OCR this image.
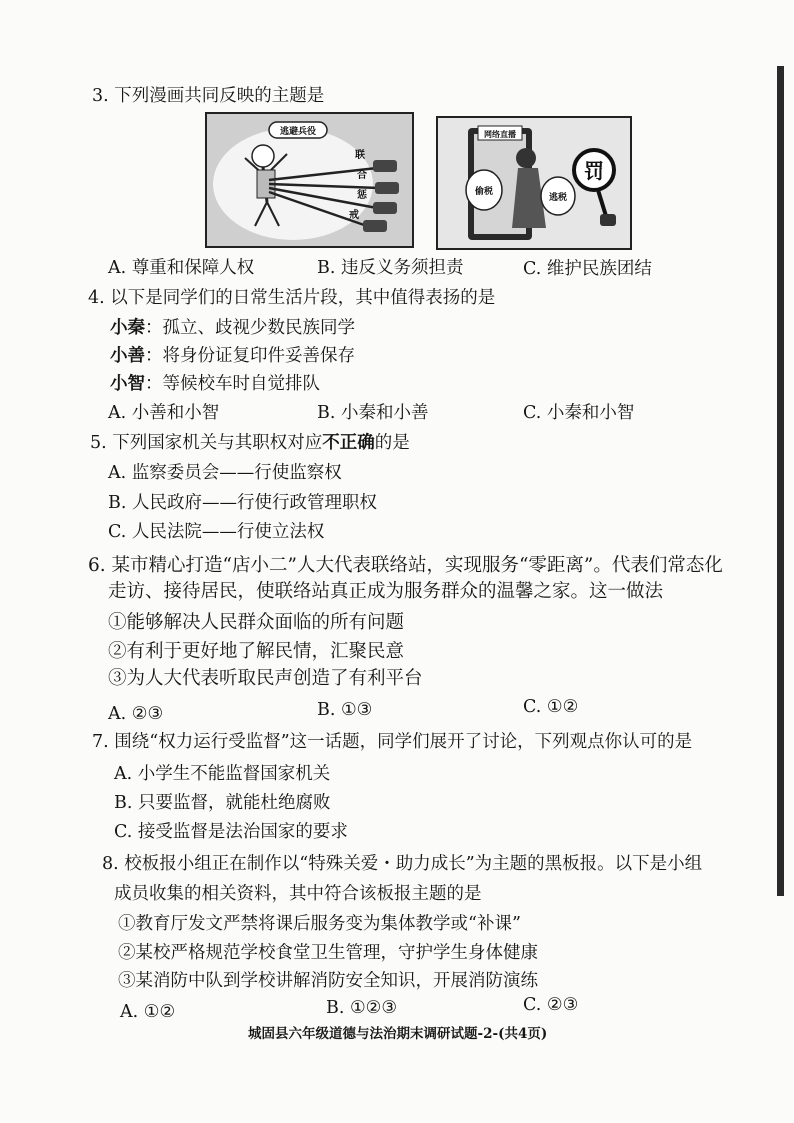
3. 下列漫画共同反映的主题是
逃避兵役
联
合
惩
戒
网络直播
偷税
逃税
罚
A. 尊重和保障人权	B. 违反义务须担责	C. 维护民族团结
4. 以下是同学们的日常生活片段，其中值得表扬的是
小秦：孤立、歧视少数民族同学
小善：将身份证复印件妥善保存
小智：等候校车时自觉排队
A. 小善和小智	B. 小秦和小善	C. 小秦和小智
5. 下列国家机关与其职权对应不正确的是
A. 监察委员会——行使监察权
B. 人民政府——行使行政管理职权
C. 人民法院——行使立法权
6. 某市精心打造“店小二”人大代表联络站，实现服务“零距离”。代表们常态化
走访、接待居民，使联络站真正成为服务群众的温馨之家。这一做法
①能够解决人民群众面临的所有问题
②有利于更好地了解民情，汇聚民意
③为人大代表听取民声创造了有利平台
A. ②③	B. ①③	C. ①②
7. 围绕“权力运行受监督”这一话题，同学们展开了讨论，下列观点你认可的是
A. 小学生不能监督国家机关
B. 只要监督，就能杜绝腐败
C. 接受监督是法治国家的要求
8. 校板报小组正在制作以“特殊关爱・助力成长”为主题的黑板报。以下是小组
成员收集的相关资料，其中符合该板报主题的是
①教育厅发文严禁将课后服务变为集体教学或“补课”
②某校严格规范学校食堂卫生管理，守护学生身体健康
③某消防中队到学校讲解消防安全知识，开展消防演练
A. ①②	B. ①②③	C. ②③
城固县六年级道德与法治期末调研试题-2-(共4页)
